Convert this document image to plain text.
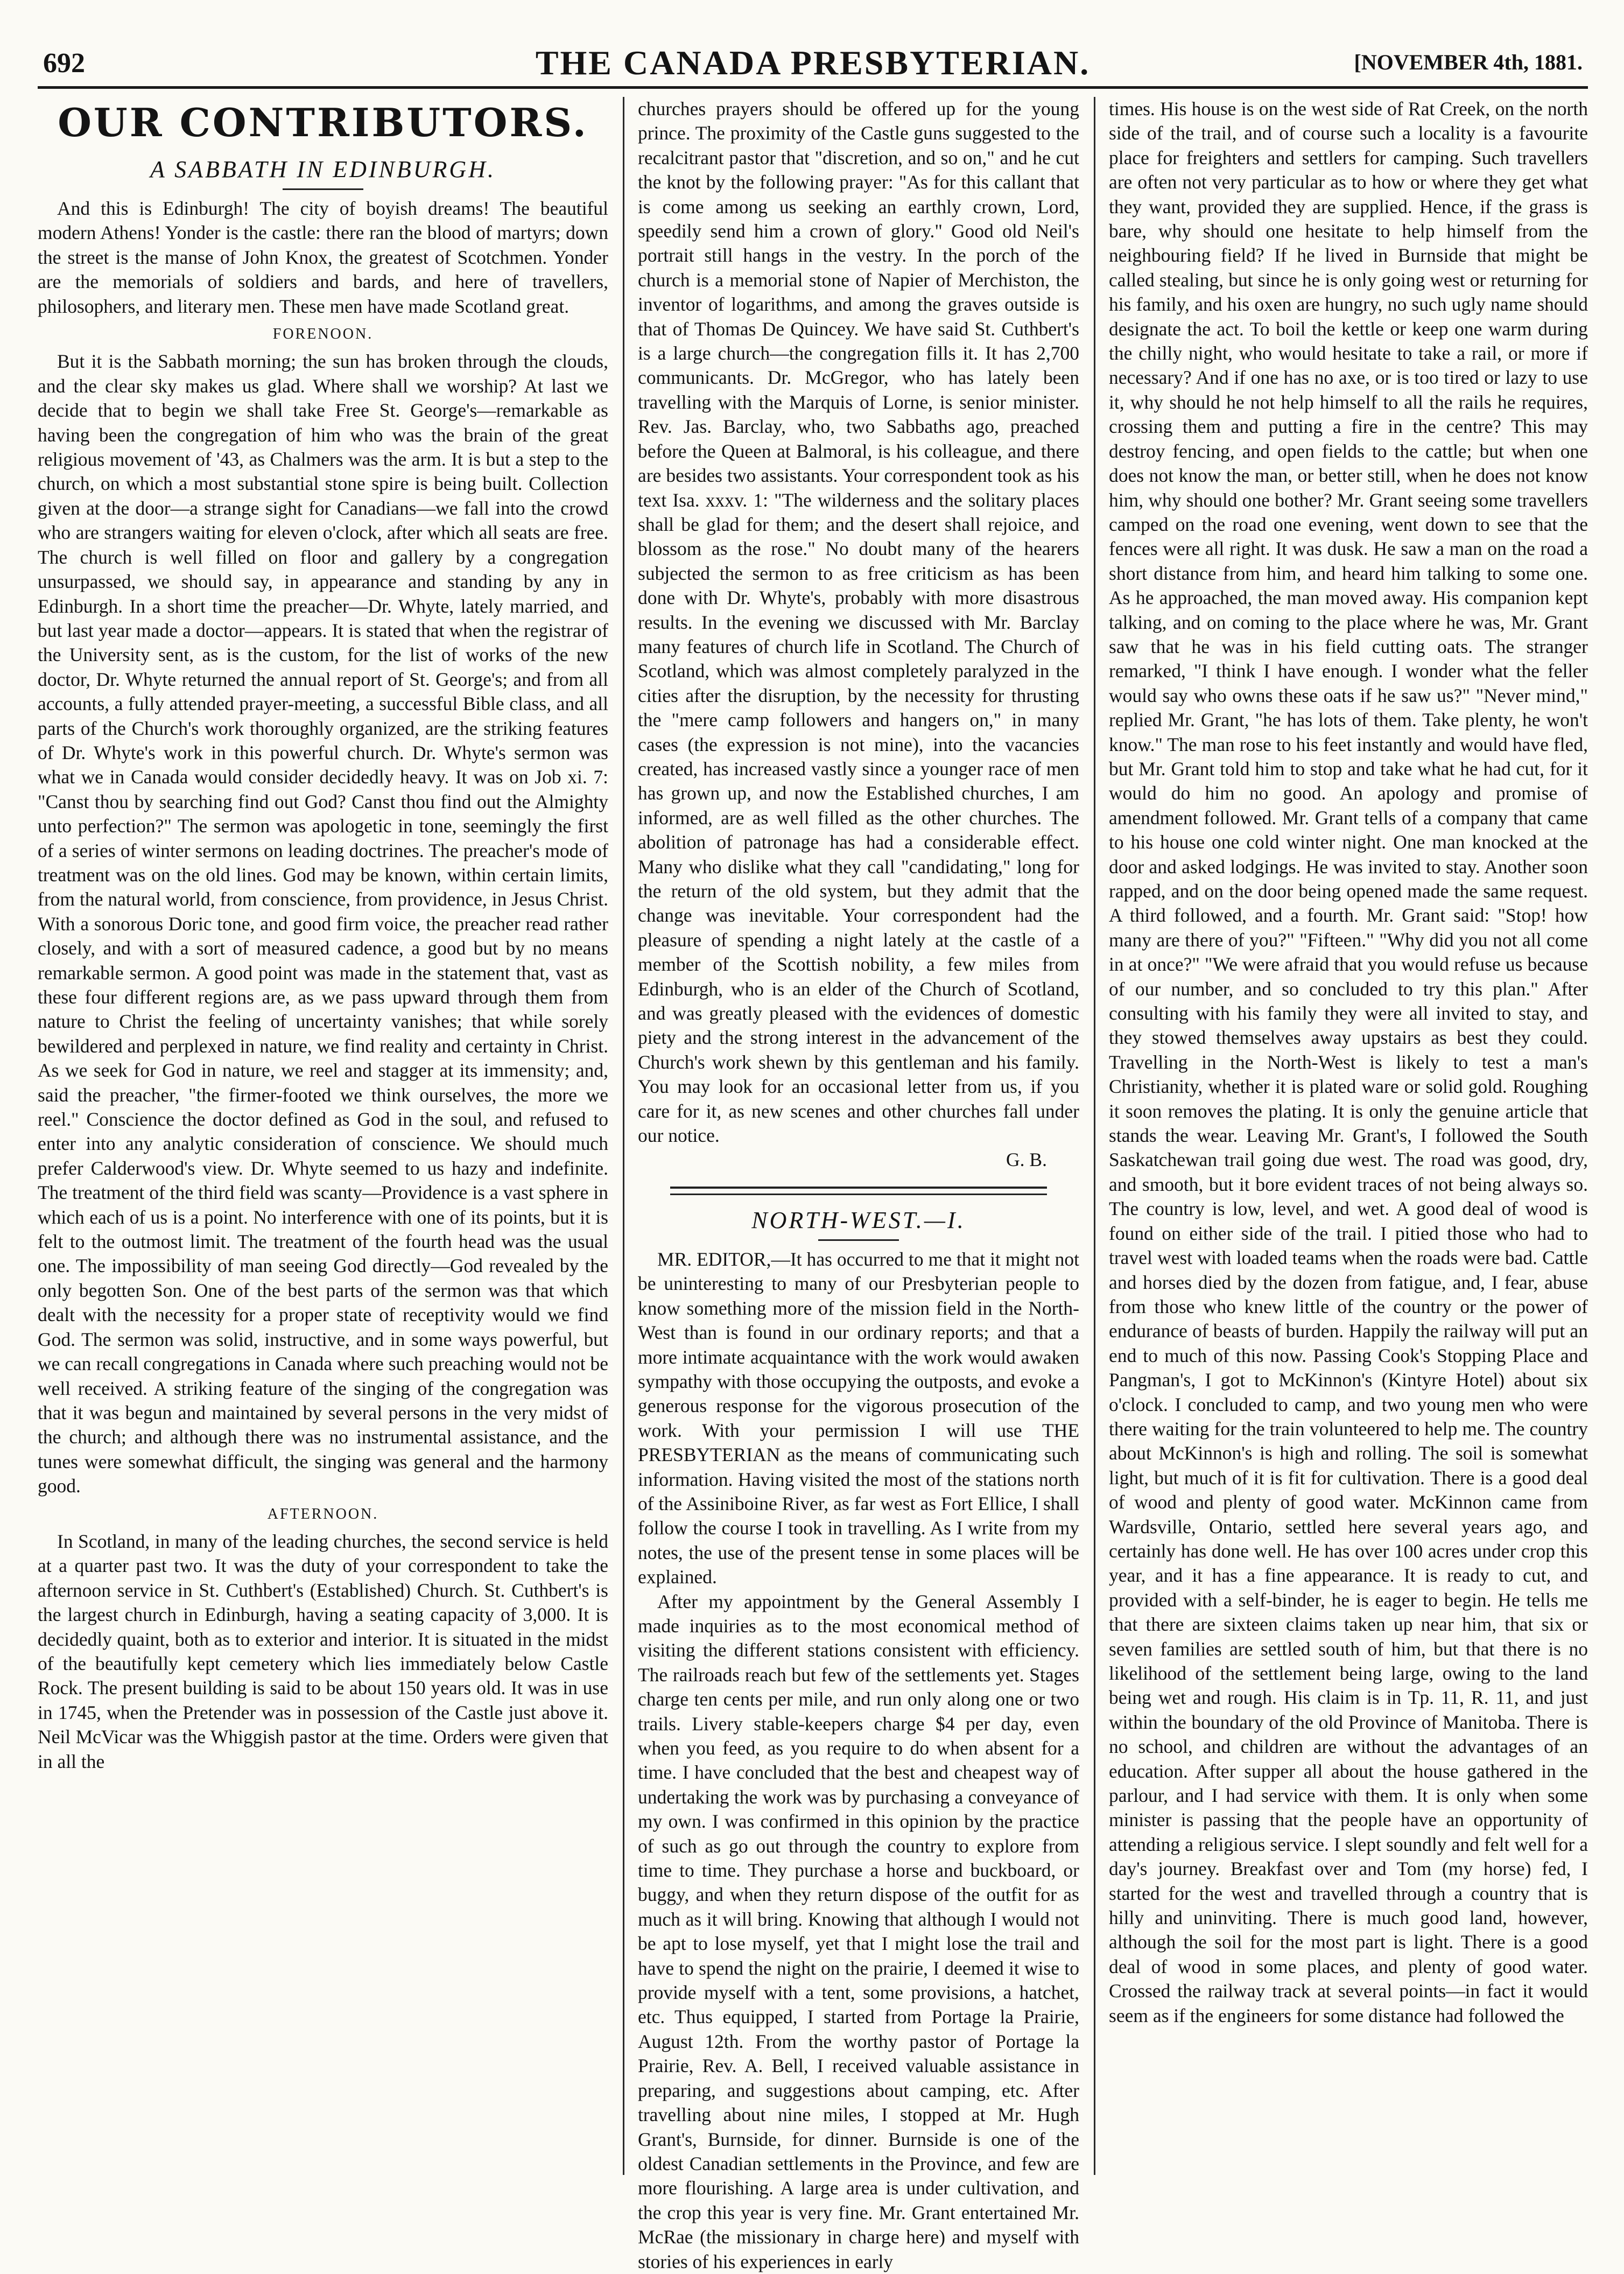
692	THE CANADA PRESBYTERIAN.	[NOVEMBER 4th, 1881.
OUR CONTRIBUTORS.
A SABBATH IN EDINBURGH.

And this is Edinburgh! The city of boyish dreams! The beautiful modern Athens! Yonder is the castle: there ran the blood of martyrs; down the street is the manse of John Knox, the greatest of Scotchmen. Yonder are the memorials of soldiers and bards, and here of travellers, philosophers, and literary men. These men have made Scotland great.

FORENOON.

But it is the Sabbath morning; the sun has broken through the clouds, and the clear sky makes us glad. Where shall we worship? At last we decide that to begin we shall take Free St. George's—remarkable as having been the congregation of him who was the brain of the great religious movement of '43, as Chalmers was the arm. It is but a step to the church, on which a most substantial stone spire is being built. Collection given at the door—a strange sight for Canadians—we fall into the crowd who are strangers waiting for eleven o'clock, after which all seats are free. The church is well filled on floor and gallery by a congregation unsurpassed, we should say, in appearance and standing by any in Edinburgh. In a short time the preacher—Dr. Whyte, lately married, and but last year made a doctor—appears. It is stated that when the registrar of the University sent, as is the custom, for the list of works of the new doctor, Dr. Whyte returned the annual report of St. George's; and from all accounts, a fully attended prayer-meeting, a successful Bible class, and all parts of the Church's work thoroughly organized, are the striking features of Dr. Whyte's work in this powerful church. Dr. Whyte's sermon was what we in Canada would consider decidedly heavy. It was on Job xi. 7: "Canst thou by searching find out God? Canst thou find out the Almighty unto perfection?" The sermon was apologetic in tone, seemingly the first of a series of winter sermons on leading doctrines. The preacher's mode of treatment was on the old lines. God may be known, within certain limits, from the natural world, from conscience, from providence, in Jesus Christ. With a sonorous Doric tone, and good firm voice, the preacher read rather closely, and with a sort of measured cadence, a good but by no means remarkable sermon. A good point was made in the statement that, vast as these four different regions are, as we pass upward through them from nature to Christ the feeling of uncertainty vanishes; that while sorely bewildered and perplexed in nature, we find reality and certainty in Christ. As we seek for God in nature, we reel and stagger at its immensity; and, said the preacher, "the firmer-footed we think ourselves, the more we reel." Conscience the doctor defined as God in the soul, and refused to enter into any analytic consideration of conscience. We should much prefer Calderwood's view. Dr. Whyte seemed to us hazy and indefinite. The treatment of the third field was scanty—Providence is a vast sphere in which each of us is a point. No interference with one of its points, but it is felt to the outmost limit. The treatment of the fourth head was the usual one. The impossibility of man seeing God directly—God revealed by the only begotten Son. One of the best parts of the sermon was that which dealt with the necessity for a proper state of receptivity would we find God. The sermon was solid, instructive, and in some ways powerful, but we can recall congregations in Canada where such preaching would not be well received. A striking feature of the singing of the congregation was that it was begun and maintained by several persons in the very midst of the church; and although there was no instrumental assistance, and the tunes were somewhat difficult, the singing was general and the harmony good.

AFTERNOON.

In Scotland, in many of the leading churches, the second service is held at a quarter past two. It was the duty of your correspondent to take the afternoon service in St. Cuthbert's (Established) Church. St. Cuthbert's is the largest church in Edinburgh, having a seating capacity of 3,000. It is decidedly quaint, both as to exterior and interior. It is situated in the midst of the beautifully kept cemetery which lies immediately below Castle Rock. The present building is said to be about 150 years old. It was in use in 1745, when the Pretender was in possession of the Castle just above it. Neil McVicar was the Whiggish pastor at the time. Orders were given that in all the

churches prayers should be offered up for the young prince. The proximity of the Castle guns suggested to the recalcitrant pastor that "discretion, and so on," and he cut the knot by the following prayer: "As for this callant that is come among us seeking an earthly crown, Lord, speedily send him a crown of glory." Good old Neil's portrait still hangs in the vestry. In the porch of the church is a memorial stone of Napier of Merchiston, the inventor of logarithms, and among the graves outside is that of Thomas De Quincey. We have said St. Cuthbert's is a large church—the congregation fills it. It has 2,700 communicants. Dr. McGregor, who has lately been travelling with the Marquis of Lorne, is senior minister. Rev. Jas. Barclay, who, two Sabbaths ago, preached before the Queen at Balmoral, is his colleague, and there are besides two assistants. Your correspondent took as his text Isa. xxxv. 1: "The wilderness and the solitary places shall be glad for them; and the desert shall rejoice, and blossom as the rose." No doubt many of the hearers subjected the sermon to as free criticism as has been done with Dr. Whyte's, probably with more disastrous results. In the evening we discussed with Mr. Barclay many features of church life in Scotland. The Church of Scotland, which was almost completely paralyzed in the cities after the disruption, by the necessity for thrusting the "mere camp followers and hangers on," in many cases (the expression is not mine), into the vacancies created, has increased vastly since a younger race of men has grown up, and now the Established churches, I am informed, are as well filled as the other churches. The abolition of patronage has had a considerable effect. Many who dislike what they call "candidating," long for the return of the old system, but they admit that the change was inevitable. Your correspondent had the pleasure of spending a night lately at the castle of a member of the Scottish nobility, a few miles from Edinburgh, who is an elder of the Church of Scotland, and was greatly pleased with the evidences of domestic piety and the strong interest in the advancement of the Church's work shewn by this gentleman and his family. You may look for an occasional letter from us, if you care for it, as new scenes and other churches fall under our notice.

G. B.

NORTH-WEST.—I.

MR. EDITOR,—It has occurred to me that it might not be uninteresting to many of our Presbyterian people to know something more of the mission field in the North-West than is found in our ordinary reports; and that a more intimate acquaintance with the work would awaken sympathy with those occupying the outposts, and evoke a generous response for the vigorous prosecution of the work. With your permission I will use THE PRESBYTERIAN as the means of communicating such information. Having visited the most of the stations north of the Assiniboine River, as far west as Fort Ellice, I shall follow the course I took in travelling. As I write from my notes, the use of the present tense in some places will be explained.

After my appointment by the General Assembly I made inquiries as to the most economical method of visiting the different stations consistent with efficiency. The railroads reach but few of the settlements yet. Stages charge ten cents per mile, and run only along one or two trails. Livery stable-keepers charge $4 per day, even when you feed, as you require to do when absent for a time. I have concluded that the best and cheapest way of undertaking the work was by purchasing a conveyance of my own. I was confirmed in this opinion by the practice of such as go out through the country to explore from time to time. They purchase a horse and buckboard, or buggy, and when they return dispose of the outfit for as much as it will bring. Knowing that although I would not be apt to lose myself, yet that I might lose the trail and have to spend the night on the prairie, I deemed it wise to provide myself with a tent, some provisions, a hatchet, etc. Thus equipped, I started from Portage la Prairie, August 12th. From the worthy pastor of Portage la Prairie, Rev. A. Bell, I received valuable assistance in preparing, and suggestions about camping, etc. After travelling about nine miles, I stopped at Mr. Hugh Grant's, Burnside, for dinner. Burnside is one of the oldest Canadian settlements in the Province, and few are more flourishing. A large area is under cultivation, and the crop this year is very fine. Mr. Grant entertained Mr. McRae (the missionary in charge here) and myself with stories of his experiences in early

times. His house is on the west side of Rat Creek, on the north side of the trail, and of course such a locality is a favourite place for freighters and settlers for camping. Such travellers are often not very particular as to how or where they get what they want, provided they are supplied. Hence, if the grass is bare, why should one hesitate to help himself from the neighbouring field? If he lived in Burnside that might be called stealing, but since he is only going west or returning for his family, and his oxen are hungry, no such ugly name should designate the act. To boil the kettle or keep one warm during the chilly night, who would hesitate to take a rail, or more if necessary? And if one has no axe, or is too tired or lazy to use it, why should he not help himself to all the rails he requires, crossing them and putting a fire in the centre? This may destroy fencing, and open fields to the cattle; but when one does not know the man, or better still, when he does not know him, why should one bother? Mr. Grant seeing some travellers camped on the road one evening, went down to see that the fences were all right. It was dusk. He saw a man on the road a short distance from him, and heard him talking to some one. As he approached, the man moved away. His companion kept talking, and on coming to the place where he was, Mr. Grant saw that he was in his field cutting oats. The stranger remarked, "I think I have enough. I wonder what the feller would say who owns these oats if he saw us?" "Never mind," replied Mr. Grant, "he has lots of them. Take plenty, he won't know." The man rose to his feet instantly and would have fled, but Mr. Grant told him to stop and take what he had cut, for it would do him no good. An apology and promise of amendment followed. Mr. Grant tells of a company that came to his house one cold winter night. One man knocked at the door and asked lodgings. He was invited to stay. Another soon rapped, and on the door being opened made the same request. A third followed, and a fourth. Mr. Grant said: "Stop! how many are there of you?" "Fifteen." "Why did you not all come in at once?" "We were afraid that you would refuse us because of our number, and so concluded to try this plan." After consulting with his family they were all invited to stay, and they stowed themselves away upstairs as best they could. Travelling in the North-West is likely to test a man's Christianity, whether it is plated ware or solid gold. Roughing it soon removes the plating. It is only the genuine article that stands the wear. Leaving Mr. Grant's, I followed the South Saskatchewan trail going due west. The road was good, dry, and smooth, but it bore evident traces of not being always so. The country is low, level, and wet. A good deal of wood is found on either side of the trail. I pitied those who had to travel west with loaded teams when the roads were bad. Cattle and horses died by the dozen from fatigue, and, I fear, abuse from those who knew little of the country or the power of endurance of beasts of burden. Happily the railway will put an end to much of this now. Passing Cook's Stopping Place and Pangman's, I got to McKinnon's (Kintyre Hotel) about six o'clock. I concluded to camp, and two young men who were there waiting for the train volunteered to help me. The country about McKinnon's is high and rolling. The soil is somewhat light, but much of it is fit for cultivation. There is a good deal of wood and plenty of good water. McKinnon came from Wardsville, Ontario, settled here several years ago, and certainly has done well. He has over 100 acres under crop this year, and it has a fine appearance. It is ready to cut, and provided with a self-binder, he is eager to begin. He tells me that there are sixteen claims taken up near him, that six or seven families are settled south of him, but that there is no likelihood of the settlement being large, owing to the land being wet and rough. His claim is in Tp. 11, R. 11, and just within the boundary of the old Province of Manitoba. There is no school, and children are without the advantages of an education. After supper all about the house gathered in the parlour, and I had service with them. It is only when some minister is passing that the people have an opportunity of attending a religious service. I slept soundly and felt well for a day's journey. Breakfast over and Tom (my horse) fed, I started for the west and travelled through a country that is hilly and uninviting. There is much good land, however, although the soil for the most part is light. There is a good deal of wood in some places, and plenty of good water. Crossed the railway track at several points—in fact it would seem as if the engineers for some distance had followed the
